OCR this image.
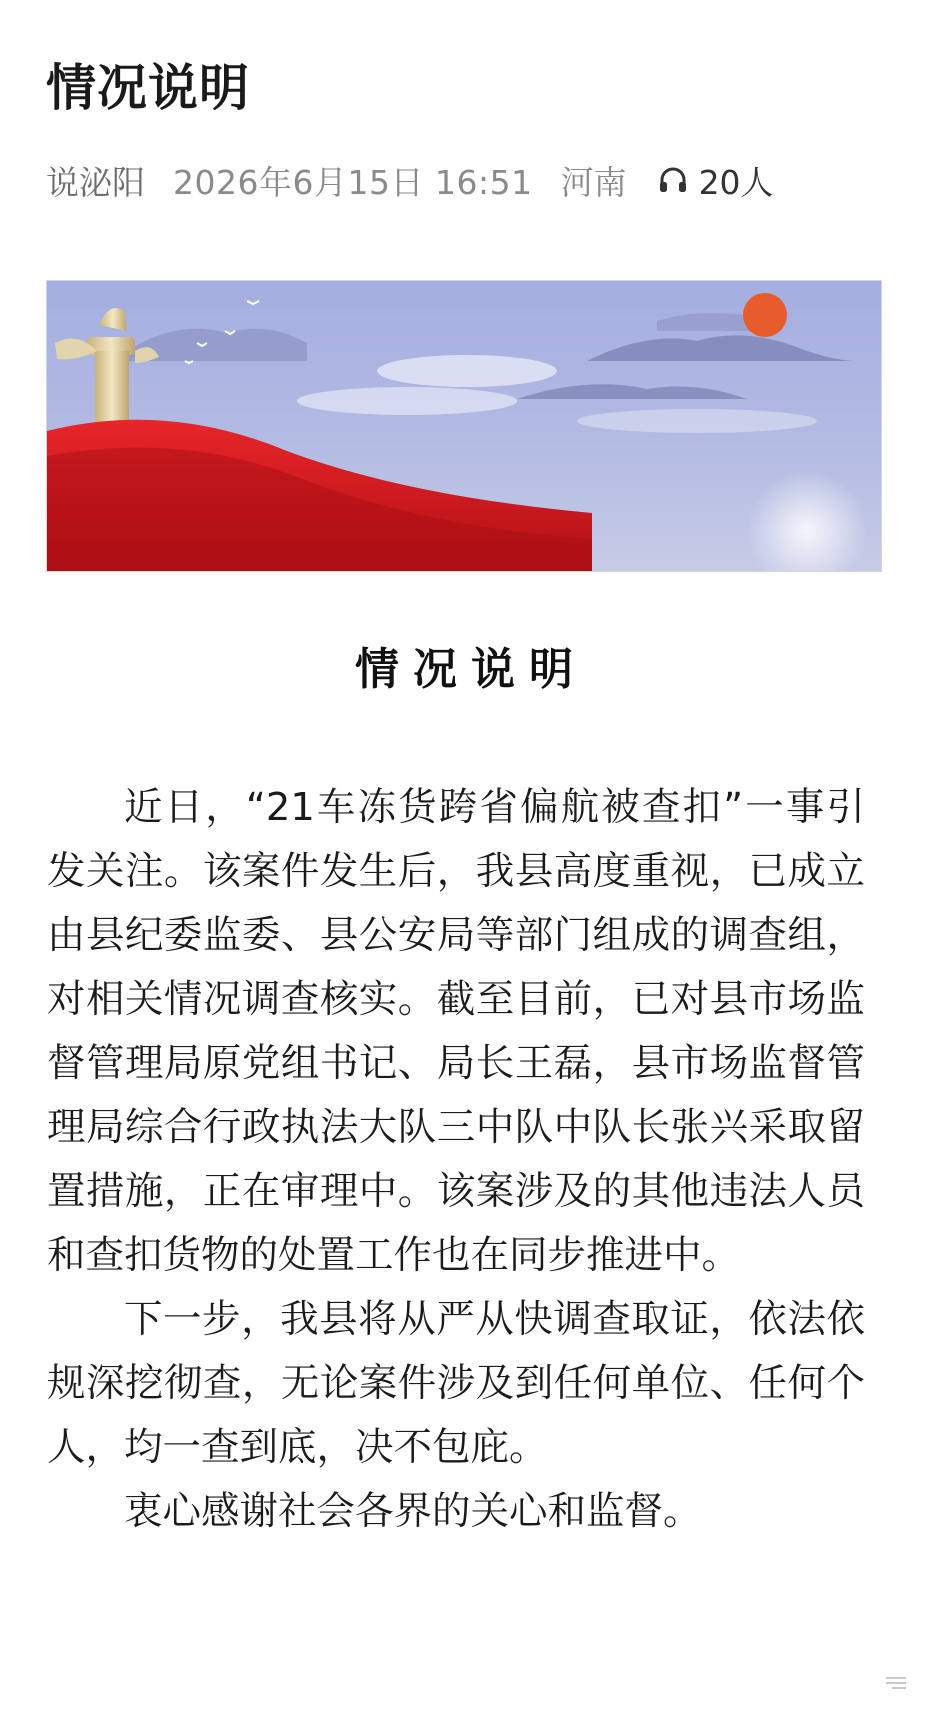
情况说明
说泌阳 2026年6月15日 16:51 河南 20人
情况说明

近日，“21车冻货跨省偏航被查扣”一事引发关注。该案件发生后，我县高度重视，已成立由县纪委监委、县公安局等部门组成的调查组，对相关情况调查核实。截至目前，已对县市场监督管理局原党组书记、局长王磊，县市场监督管理局综合行政执法大队三中队中队长张兴采取留置措施，正在审理中。该案涉及的其他违法人员和查扣货物的处置工作也在同步推进中。

下一步，我县将从严从快调查取证，依法依规深挖彻查，无论案件涉及到任何单位、任何个人，均一查到底，决不包庇。

衷心感谢社会各界的关心和监督。
